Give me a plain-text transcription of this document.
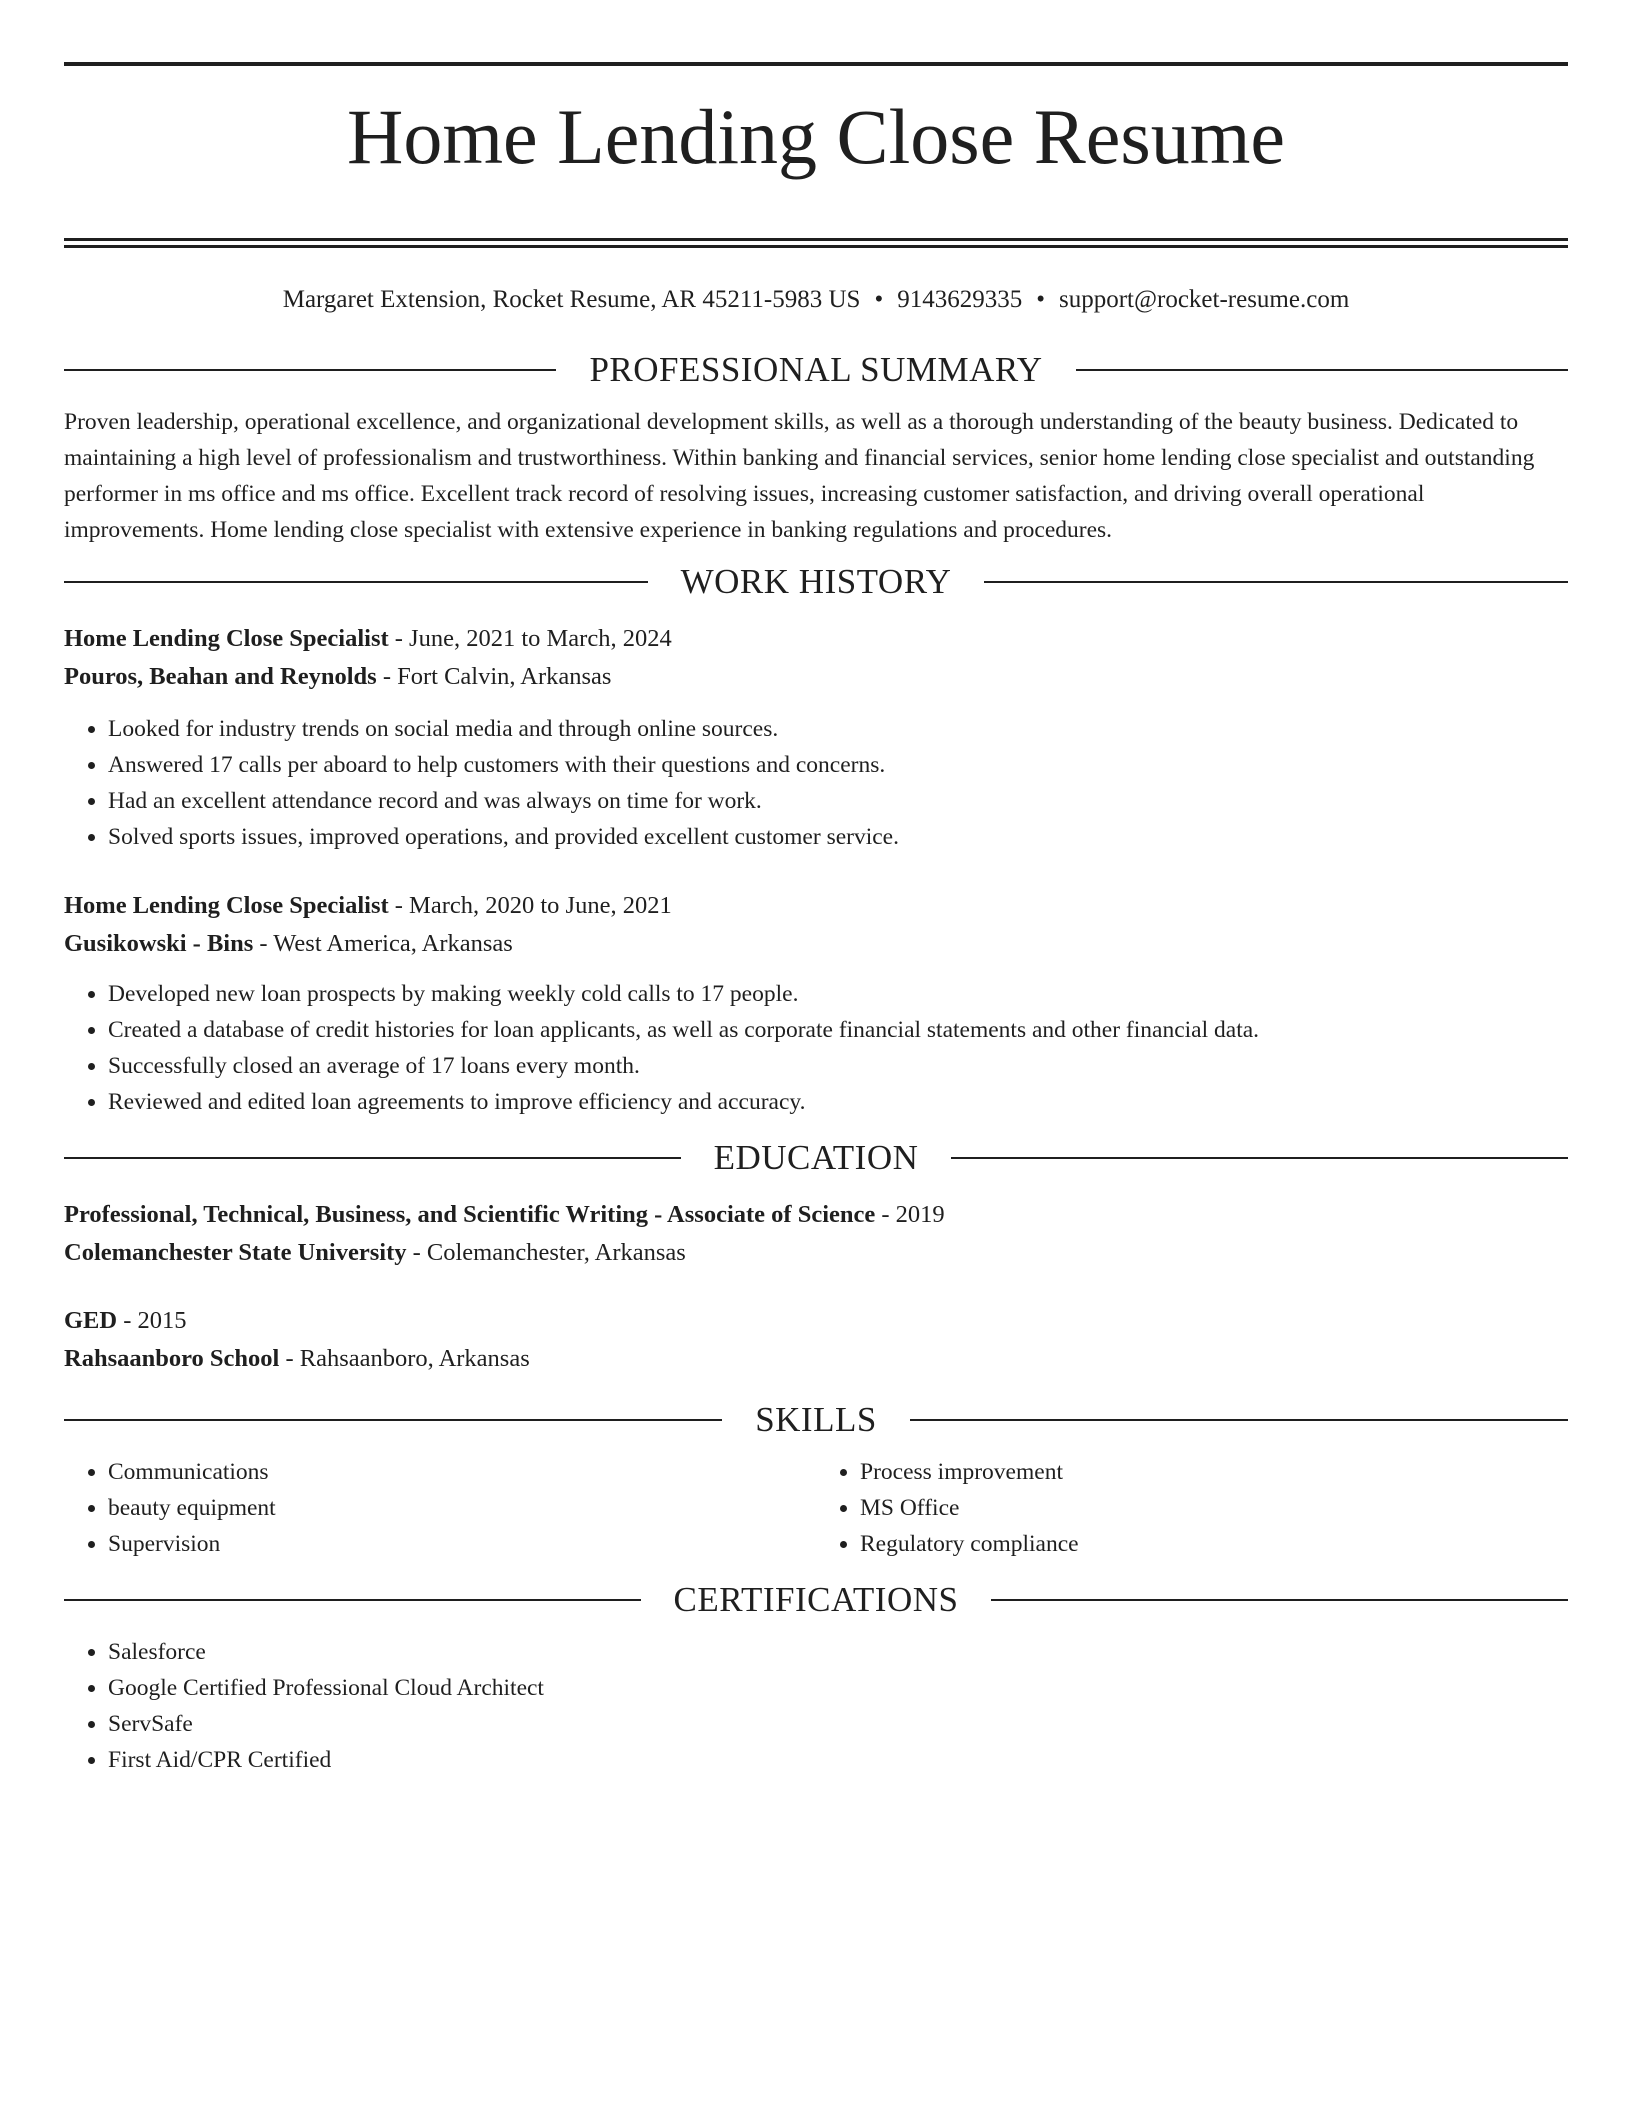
Home Lending Close Resume
Margaret Extension, Rocket Resume, AR 45211-5983 US • 9143629335 • support@rocket-resume.com
PROFESSIONAL SUMMARY

Proven leadership, operational excellence, and organizational development skills, as well as a thorough understanding of the beauty business. Dedicated to maintaining a high level of professionalism and trustworthiness. Within banking and financial services, senior home lending close specialist and outstanding performer in ms office and ms office. Excellent track record of resolving issues, increasing customer satisfaction, and driving overall operational improvements. Home lending close specialist with extensive experience in banking regulations and procedures.

WORK HISTORY

Home Lending Close Specialist - June, 2021 to March, 2024

Pouros, Beahan and Reynolds - Fort Calvin, Arkansas

• Looked for industry trends on social media and through online sources.
• Answered 17 calls per aboard to help customers with their questions and concerns.
• Had an excellent attendance record and was always on time for work.
• Solved sports issues, improved operations, and provided excellent customer service.

Home Lending Close Specialist - March, 2020 to June, 2021

Gusikowski - Bins - West America, Arkansas

• Developed new loan prospects by making weekly cold calls to 17 people.
• Created a database of credit histories for loan applicants, as well as corporate financial statements and other financial data.
• Successfully closed an average of 17 loans every month.
• Reviewed and edited loan agreements to improve efficiency and accuracy.
EDUCATION

Professional, Technical, Business, and Scientific Writing - Associate of Science - 2019

Colemanchester State University - Colemanchester, Arkansas

GED - 2015

Rahsaanboro School - Rahsaanboro, Arkansas

SKILLS
• Communications
• beauty equipment
• Supervision
• Process improvement
• MS Office
• Regulatory compliance
CERTIFICATIONS
• Salesforce
• Google Certified Professional Cloud Architect
• ServSafe
• First Aid/CPR Certified
